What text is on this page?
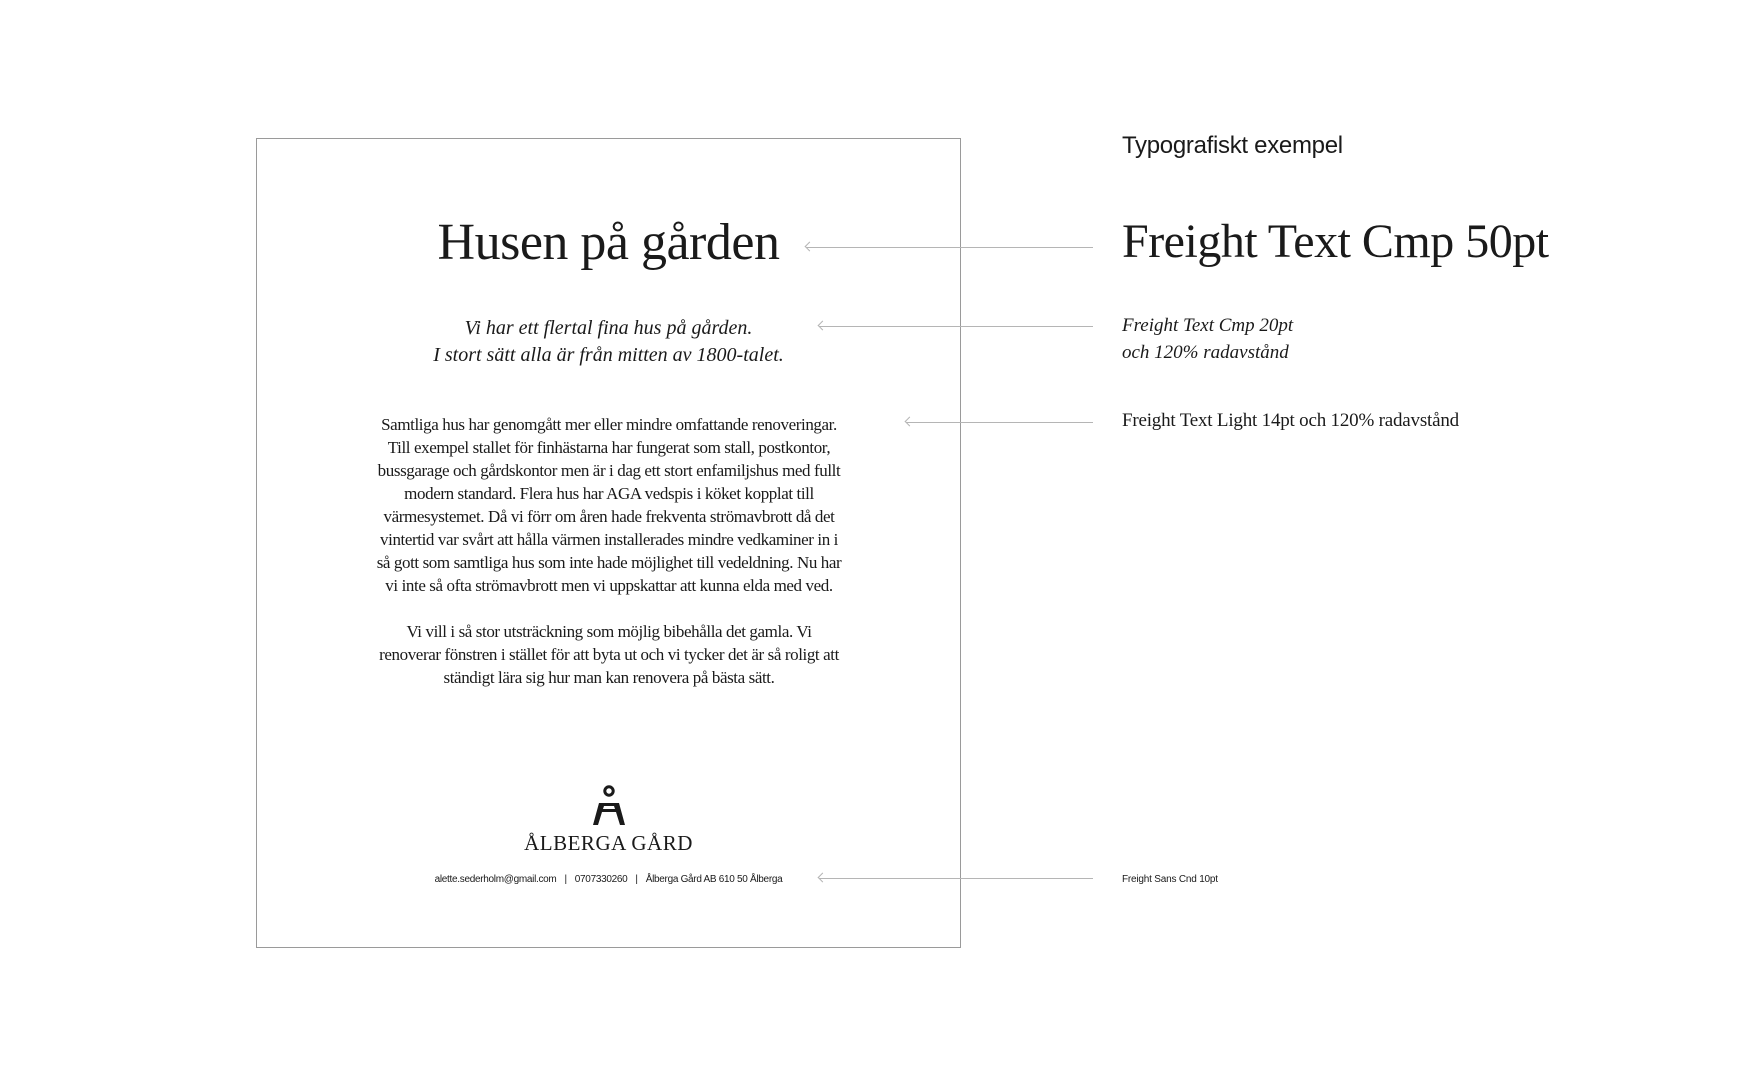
Husen på gården
Vi har ett flertal fina hus på gården.
I stort sätt alla är från mitten av 1800-talet.

Samtliga hus har genomgått mer eller mindre omfattande renoveringar. Till exempel stallet för finhästarna har fungerat som stall, postkontor, bussgarage och gårdskontor men är i dag ett stort enfamiljshus med fullt modern standard. Flera hus har AGA vedspis i köket kopplat till värmesystemet. Då vi förr om åren hade frekventa strömavbrott då det vintertid var svårt att hålla värmen installerades mindre vedkaminer in i så gott som samtliga hus som inte hade möjlighet till vedeldning. Nu har vi inte så ofta strömavbrott men vi uppskattar att kunna elda med ved.

Vi vill i så stor utsträckning som möjlig bibehålla det gamla. Vi renoverar fönstren i stället för att byta ut och vi tycker det är så roligt att ständigt lära sig hur man kan renovera på bästa sätt.

ÅLBERGA GÅRD
alette.sederholm@gmail.com | 0707330260 | Ålberga Gård AB 610 50 Ålberga
Typografiskt exempel
Freight Text Cmp 50pt
Freight Text Cmp 20pt
och 120% radavstånd
Freight Text Light 14pt och 120% radavstånd
Freight Sans Cnd 10pt
